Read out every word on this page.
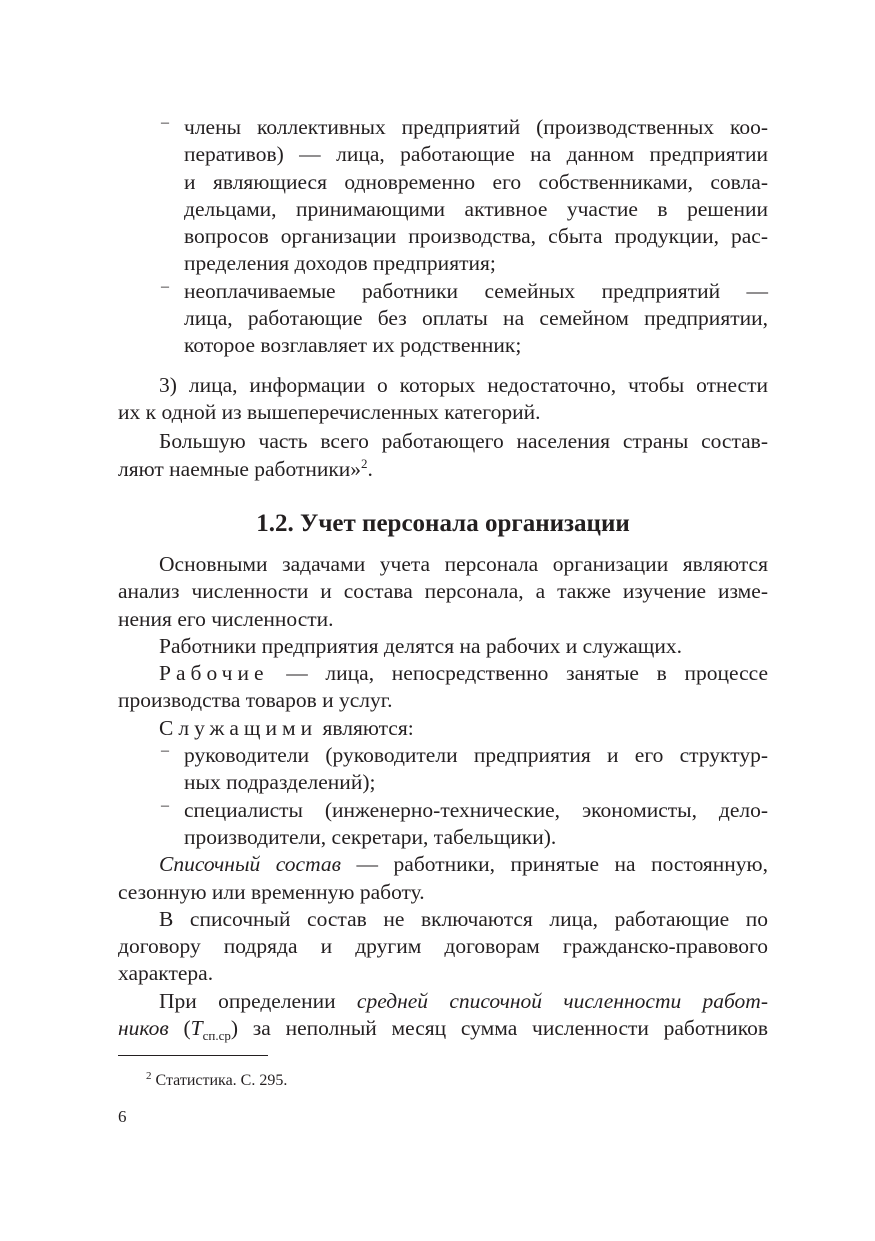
– члены коллективных предприятий (производственных коо-
перативов) — лица, работающие на данном предприятии
и являющиеся одновременно его собственниками, совла-
дельцами, принимающими активное участие в решении
вопросов организации производства, сбыта продукции, рас-
пределения доходов предприятия;
– неоплачиваемые работники семейных предприятий —
лица, работающие без оплаты на семейном предприятии,
которое возглавляет их родственник;
3) лица, информации о которых недостаточно, чтобы отнести
их к одной из вышеперечисленных категорий.
Большую часть всего работающего населения страны состав-
ляют наемные работники»$^2$.
1.2. Учет персонала организации
Основными задачами учета персонала организации являются
анализ численности и состава персонала, а также изучение изме-
нения его численности.
Работники предприятия делятся на рабочих и служащих.
Рабочие — лица, непосредственно занятые в процессе
производства товаров и услуг.
Служащими являются:
– руководители (руководители предприятия и его структур-
ных подразделений);
– специалисты (инженерно-технические, экономисты, дело-
производители, секретари, табельщики).
Списочный состав — работники, принятые на постоянную,
сезонную или временную работу.
В списочный состав не включаются лица, работающие по
договору подряда и другим договорам гражданско-правового
характера.
При определении средней списочной численности работ-
ников $(T_{сп.ср})$ за неполный месяц сумма численности работников
$^2$ Статистика. С. 295.
6
